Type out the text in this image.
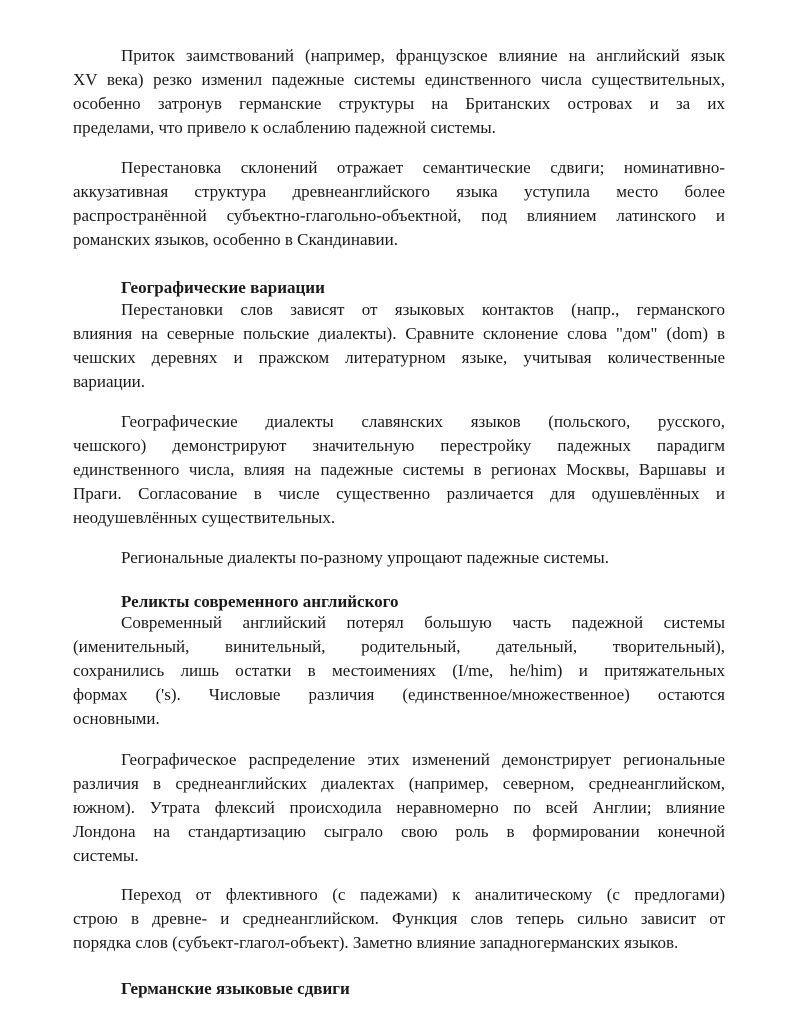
Приток заимствований (например, французское влияние на английский язык
XV века) резко изменил падежные системы единственного числа существительных,
особенно затронув германские структуры на Британских островах и за их
пределами, что привело к ослаблению падежной системы.
Перестановка склонений отражает семантические сдвиги; номинативно-
аккузативная структура древнеанглийского языка уступила место более
распространённой субъектно-глагольно-объектной, под влиянием латинского и
романских языков, особенно в Скандинавии.
Географические вариации
Перестановки слов зависят от языковых контактов (напр., германского
влияния на северные польские диалекты). Сравните склонение слова "дом" (dom) в
чешских деревнях и пражском литературном языке, учитывая количественные
вариации.
Географические диалекты славянских языков (польского, русского,
чешского) демонстрируют значительную перестройку падежных парадигм
единственного числа, влияя на падежные системы в регионах Москвы, Варшавы и
Праги. Согласование в числе существенно различается для одушевлённых и
неодушевлённых существительных.
Региональные диалекты по-разному упрощают падежные системы.
Реликты современного английского
Современный английский потерял большую часть падежной системы
(именительный, винительный, родительный, дательный, творительный),
сохранились лишь остатки в местоимениях (I/me, he/him) и притяжательных
формах ('s). Числовые различия (единственное/множественное) остаются
основными.
Географическое распределение этих изменений демонстрирует региональные
различия в среднеанглийских диалектах (например, северном, среднеанглийском,
южном). Утрата флексий происходила неравномерно по всей Англии; влияние
Лондона на стандартизацию сыграло свою роль в формировании конечной
системы.
Переход от флективного (с падежами) к аналитическому (с предлогами)
строю в древне- и среднеанглийском. Функция слов теперь сильно зависит от
порядка слов (субъект-глагол-объект). Заметно влияние западногерманских языков.
Германские языковые сдвиги
